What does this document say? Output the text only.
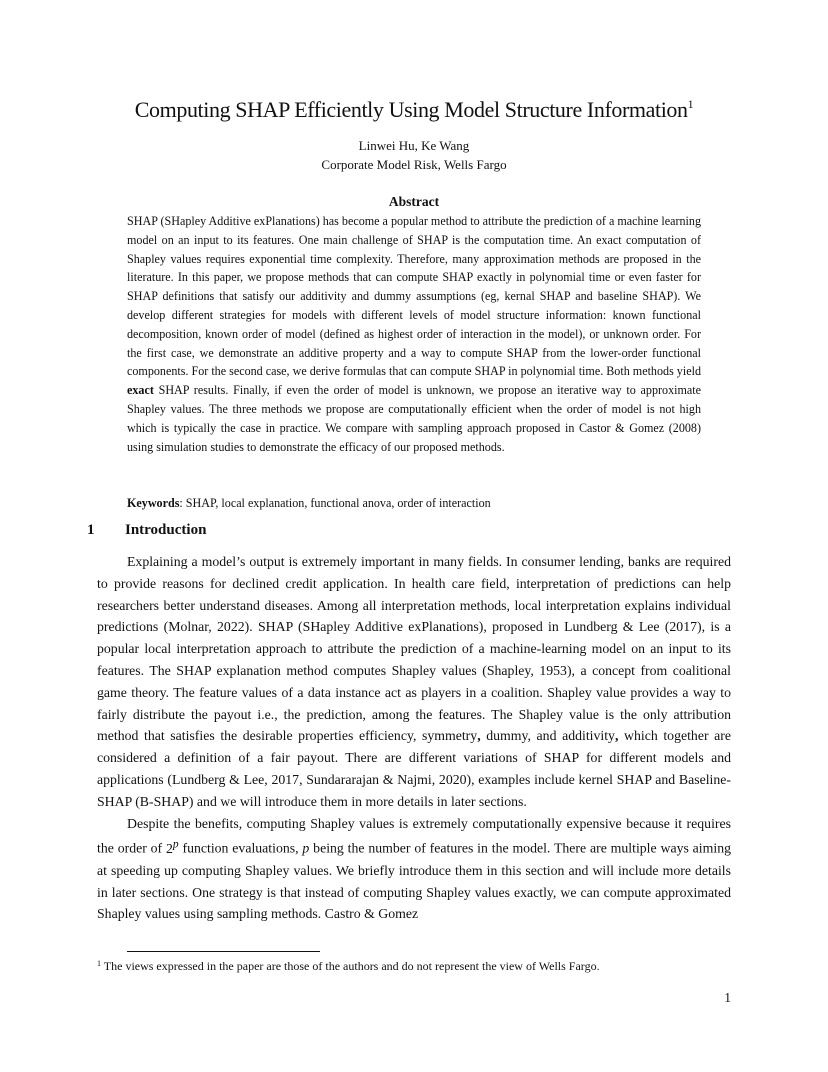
Computing SHAP Efficiently Using Model Structure Information$^1$
Linwei Hu, Ke Wang
Corporate Model Risk, Wells Fargo
Abstract
SHAP (SHapley Additive exPlanations) has become a popular method to attribute the prediction of a machine learning model on an input to its features. One main challenge of SHAP is the computation time. An exact computation of Shapley values requires exponential time complexity. Therefore, many approximation methods are proposed in the literature. In this paper, we propose methods that can compute SHAP exactly in polynomial time or even faster for SHAP definitions that satisfy our additivity and dummy assumptions (eg, kernal SHAP and baseline SHAP). We develop different strategies for models with different levels of model structure information: known functional decomposition, known order of model (defined as highest order of interaction in the model), or unknown order. For the first case, we demonstrate an additive property and a way to compute SHAP from the lower-order functional components. For the second case, we derive formulas that can compute SHAP in polynomial time. Both methods yield exact SHAP results. Finally, if even the order of model is unknown, we propose an iterative way to approximate Shapley values. The three methods we propose are computationally efficient when the order of model is not high which is typically the case in practice. We compare with sampling approach proposed in Castor & Gomez (2008) using simulation studies to demonstrate the efficacy of our proposed methods.
Keywords: SHAP, local explanation, functional anova, order of interaction
1 Introduction

Explaining a model’s output is extremely important in many fields. In consumer lending, banks are required to provide reasons for declined credit application. In health care field, interpretation of predictions can help researchers better understand diseases. Among all interpretation methods, local interpretation explains individual predictions (Molnar, 2022). SHAP (SHapley Additive exPlanations), proposed in Lundberg & Lee (2017), is a popular local interpretation approach to attribute the prediction of a machine-learning model on an input to its features. The SHAP explanation method computes Shapley values (Shapley, 1953), a concept from coalitional game theory. The feature values of a data instance act as players in a coalition. Shapley value provides a way to fairly distribute the payout i.e., the prediction, among the features. The Shapley value is the only attribution method that satisfies the desirable properties efficiency, symmetry, dummy, and additivity, which together are considered a definition of a fair payout. There are different variations of SHAP for different models and applications (Lundberg & Lee, 2017, Sundararajan & Najmi, 2020), examples include kernel SHAP and Baseline-SHAP (B-SHAP) and we will introduce them in more details in later sections.

Despite the benefits, computing Shapley values is extremely computationally expensive because it requires the order of 2$^p$ function evaluations, p being the number of features in the model. There are multiple ways aiming at speeding up computing Shapley values. We briefly introduce them in this section and will include more details in later sections. One strategy is that instead of computing Shapley values exactly, we can compute approximated Shapley values using sampling methods. Castro & Gomez

$^1$ The views expressed in the paper are those of the authors and do not represent the view of Wells Fargo.
1
